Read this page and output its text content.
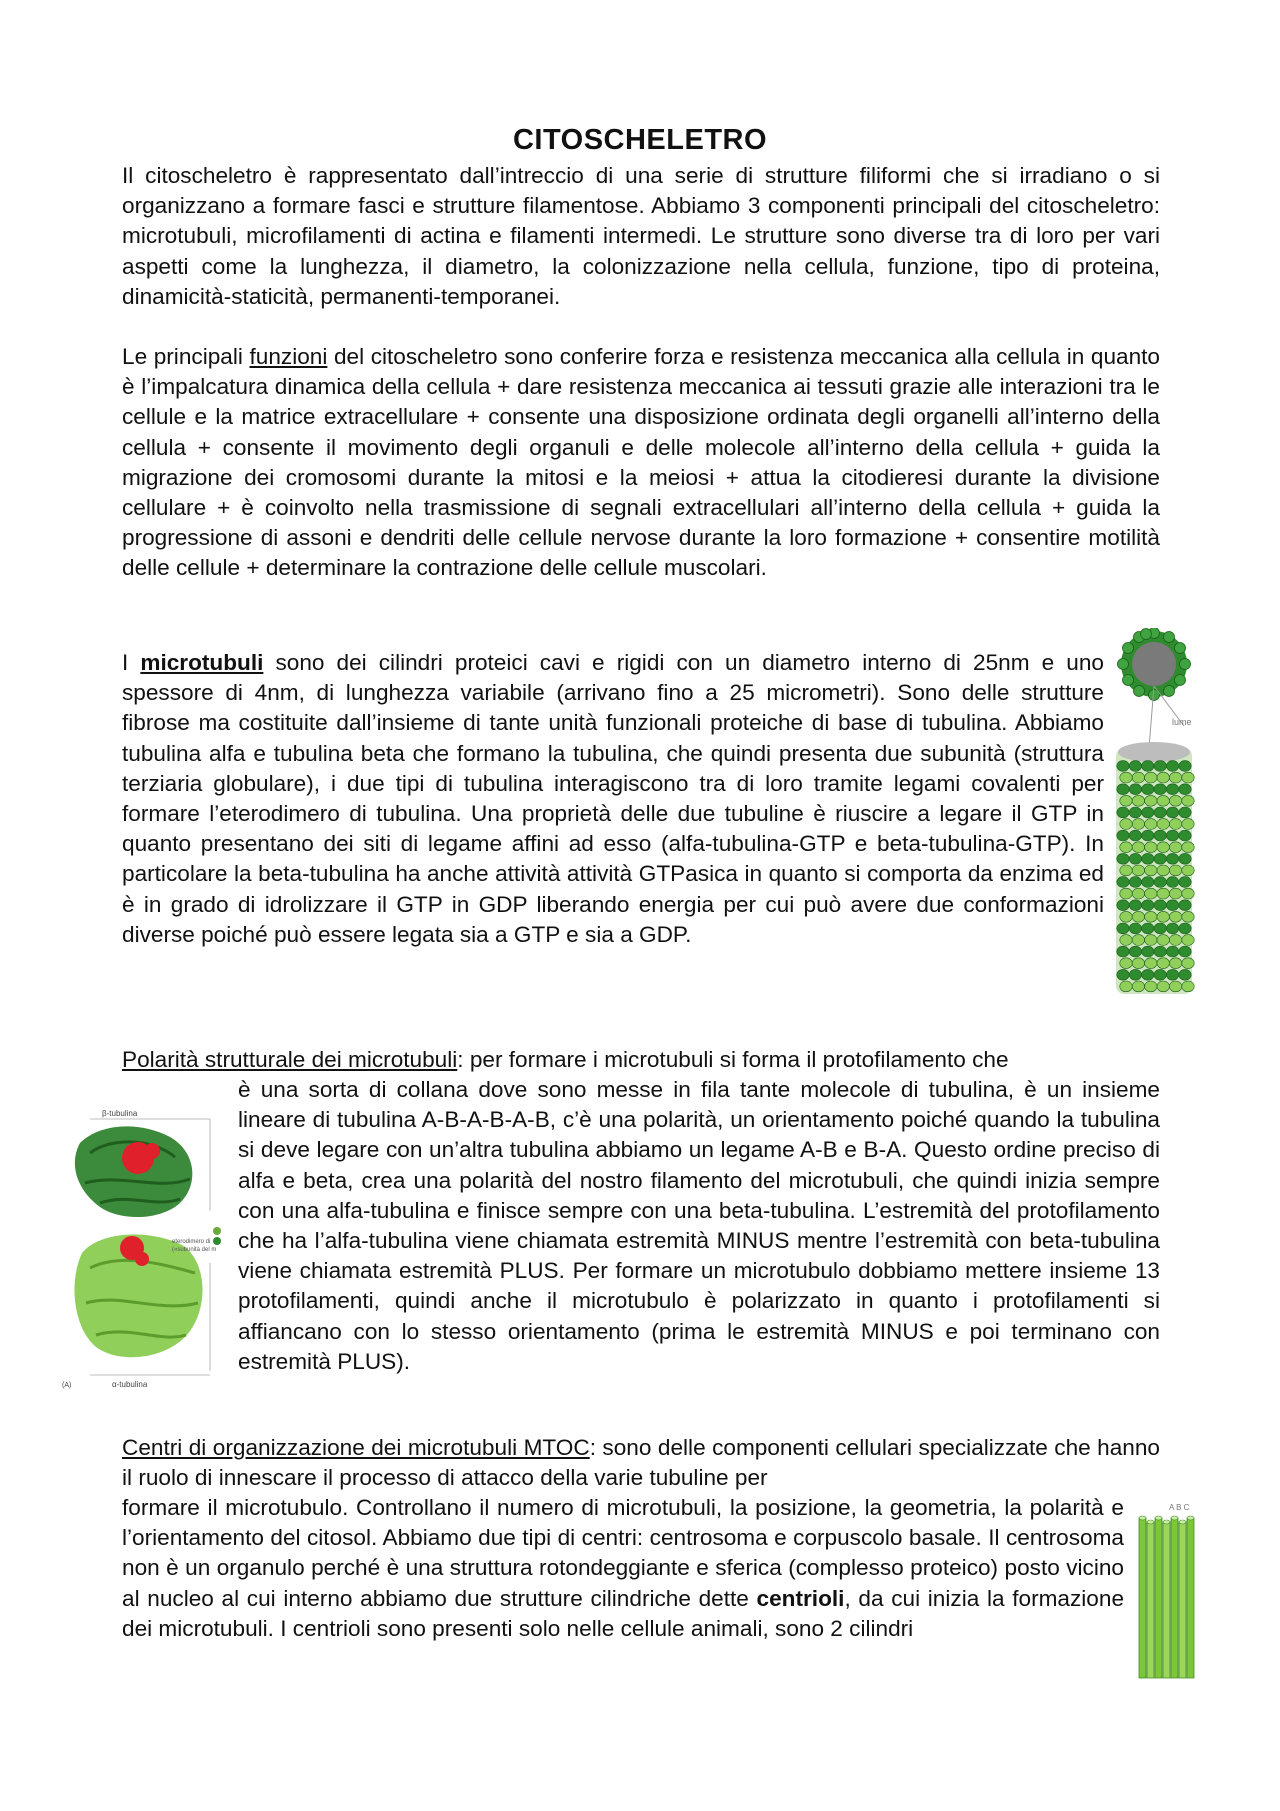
CITOSCHELETRO

Il citoscheletro è rappresentato dall’intreccio di una serie di strutture filiformi che si irradiano o si organizzano a formare fasci e strutture filamentose. Abbiamo 3 componenti principali del citoscheletro: microtubuli, microfilamenti di actina e filamenti intermedi. Le strutture sono diverse tra di loro per vari aspetti come la lunghezza, il diametro, la colonizzazione nella cellula, funzione, tipo di proteina, dinamicità-staticità, permanenti-temporanei.

Le principali funzioni del citoscheletro sono conferire forza e resistenza meccanica alla cellula in quanto è l’impalcatura dinamica della cellula + dare resistenza meccanica ai tessuti grazie alle interazioni tra le cellule e la matrice extracellulare + consente una disposizione ordinata degli organelli all’interno della cellula + consente il movimento degli organuli e delle molecole all’interno della cellula + guida la migrazione dei cromosomi durante la mitosi e la meiosi + attua la citodieresi durante la divisione cellulare + è coinvolto nella trasmissione di segnali extracellulari all’interno della cellula + guida la progressione di assoni e dendriti delle cellule nervose durante la loro formazione + consentire motilità delle cellule + determinare la contrazione delle cellule muscolari.

I microtubuli sono dei cilindri proteici cavi e rigidi con un diametro interno di 25nm e uno spessore di 4nm, di lunghezza variabile (arrivano fino a 25 micrometri). Sono delle strutture fibrose ma costituite dall’insieme di tante unità funzionali proteiche di base di tubulina. Abbiamo tubulina alfa e tubulina beta che formano la tubulina, che quindi presenta due subunità (struttura terziaria globulare), i due tipi di tubulina interagiscono tra di loro tramite legami covalenti per formare l’eterodimero di tubulina. Una proprietà delle due tubuline è riuscire a legare il GTP in quanto presentano dei siti di legame affini ad esso (alfa-tubulina-GTP e beta-tubulina-GTP). In particolare la beta-tubulina ha anche attività attività GTPasica in quanto si comporta da enzima ed è in grado di idrolizzare il GTP in GDP liberando energia per cui può avere due conformazioni diverse poiché può essere legata sia a GTP e sia a GDP.

Polarità strutturale dei microtubuli: per formare i microtubuli si forma il protofilamento che

è una sorta di collana dove sono messe in fila tante molecole di tubulina, è un insieme lineare di tubulina A-B-A-B-A-B, c’è una polarità, un orientamento poiché quando la tubulina si deve legare con un’altra tubulina abbiamo un legame A-B e B-A. Questo ordine preciso di alfa e beta, crea una polarità del nostro filamento del microtubuli, che quindi inizia sempre con una alfa-tubulina e finisce sempre con una beta-tubulina. L’estremità del protofilamento che ha l’alfa-tubulina viene chiamata estremità MINUS mentre l’estremità con beta-tubulina viene chiamata estremità PLUS. Per formare un microtubulo dobbiamo mettere insieme 13 protofilamenti, quindi anche il microtubulo è polarizzato in quanto i protofilamenti si affiancano con lo stesso orientamento (prima le estremità MINUS e poi terminano con estremità PLUS).

Centri di organizzazione dei microtubuli MTOC: sono delle componenti cellulari specializzate che hanno il ruolo di innescare il processo di attacco della varie tubuline per

formare il microtubulo. Controllano il numero di microtubuli, la posizione, la geometria, la polarità e l’orientamento del citosol. Abbiamo due tipi di centri: centrosoma e corpuscolo basale. Il centrosoma non è un organulo perché è una struttura rotondeggiante e sferica (complesso proteico) posto vicino al nucleo al cui interno abbiamo due strutture cilindriche dette centrioli, da cui inizia la formazione dei microtubuli. I centrioli sono presenti solo nelle cellule animali, sono 2 cilindri

lume
β-tubulina
eterodimero di
(«subunità del m
α-tubulina
(A)
A B C
